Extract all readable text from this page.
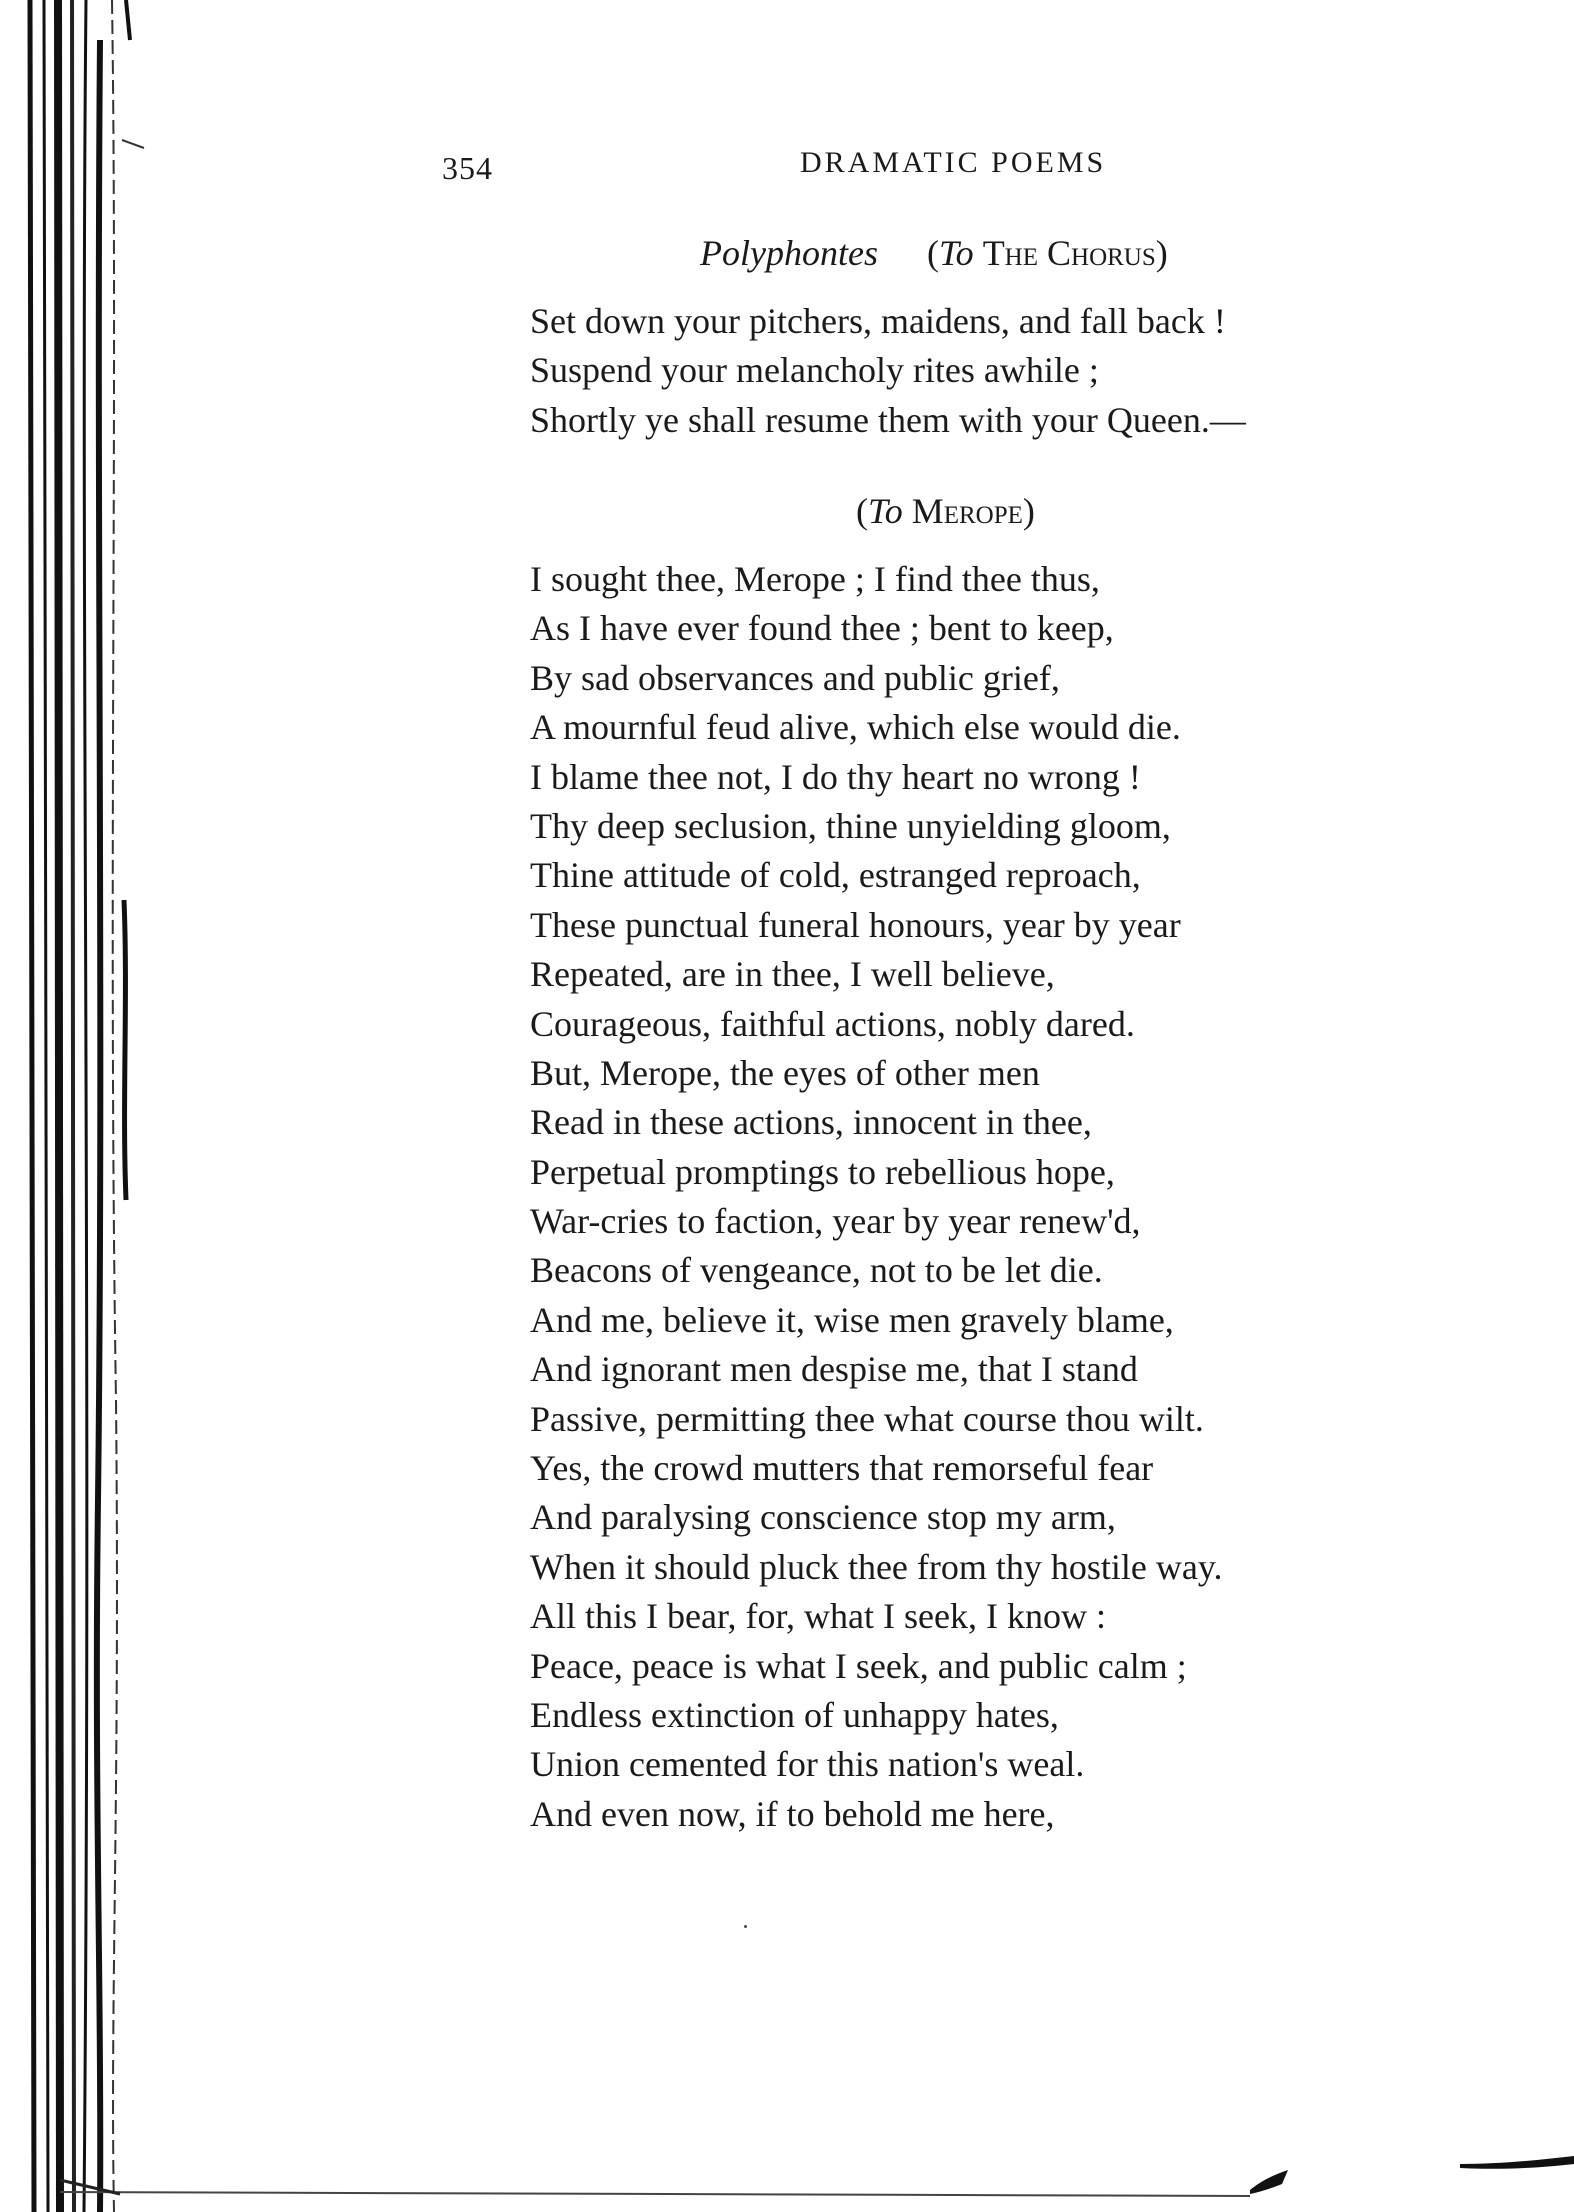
354	DRAMATIC POEMS
Polyphontes (To The Chorus)
Set down your pitchers, maidens, and fall back !
Suspend your melancholy rites awhile ;
Shortly ye shall resume them with your Queen.—
(To Merope)
I sought thee, Merope ; I find thee thus,
As I have ever found thee ; bent to keep,
By sad observances and public grief,
A mournful feud alive, which else would die.
I blame thee not, I do thy heart no wrong !
Thy deep seclusion, thine unyielding gloom,
Thine attitude of cold, estranged reproach,
These punctual funeral honours, year by year
Repeated, are in thee, I well believe,
Courageous, faithful actions, nobly dared.
But, Merope, the eyes of other men
Read in these actions, innocent in thee,
Perpetual promptings to rebellious hope,
War-cries to faction, year by year renew'd,
Beacons of vengeance, not to be let die.
And me, believe it, wise men gravely blame,
And ignorant men despise me, that I stand
Passive, permitting thee what course thou wilt.
Yes, the crowd mutters that remorseful fear
And paralysing conscience stop my arm,
When it should pluck thee from thy hostile way.
All this I bear, for, what I seek, I know :
Peace, peace is what I seek, and public calm ;
Endless extinction of unhappy hates,
Union cemented for this nation's weal.
And even now, if to behold me here,
